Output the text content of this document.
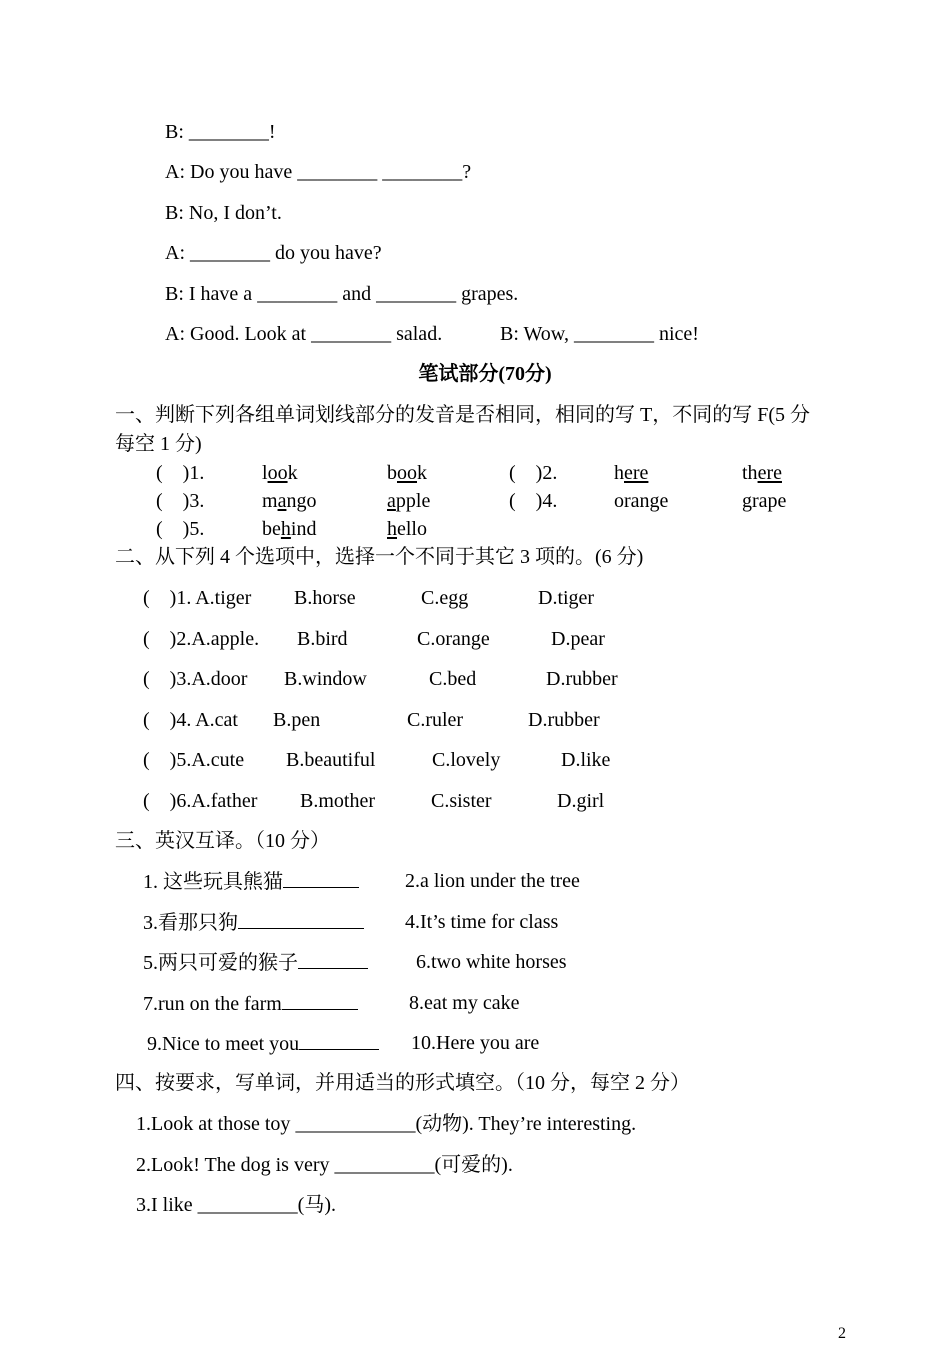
B: ________!
A: Do you have ________ ________?
B: No, I don’t.
A: ________ do you have?
B: I have a ________ and ________ grapes.
A: Good. Look at ________ salad.	B: Wow, ________ nice!
笔试部分(70分)
一、判断下列各组单词划线部分的发音是否相同，相同的写 T，不同的写 F(5 分
每空 1 分)
(    )1.	look	book	(    )2.	here	there
(    )3.	mango	apple	(    )4.	orange	grape
(    )5.	behind	hello
二、从下列 4 个选项中，选择一个不同于其它 3 项的。(6 分)
(    )1. A.tiger B.horse	C.egg	D.tiger
(    )2.A.apple. B.bird	C.orange	D.pear
(    )3.A.door B.window	C.bed	D.rubber
(    )4. A.cat B.pen	C.ruler	D.rubber
(    )5.A.cute B.beautiful	C.lovely	D.like
(    )6.A.father B.mother	C.sister	D.girl
三、英汉互译。（10 分）
1. 这些玩具熊猫	2.a lion under the tree
3.看那只狗	4.It’s time for class
5.两只可爱的猴子	6.two white horses
7.run on the farm	8.eat my cake
9.Nice to meet you	10.Here you are
四、按要求，写单词，并用适当的形式填空。（10 分，每空 2 分）
1.Look at those toy ____________(动物). They’re interesting.
2.Look! The dog is very __________(可爱的).
3.I like __________(马).
2
